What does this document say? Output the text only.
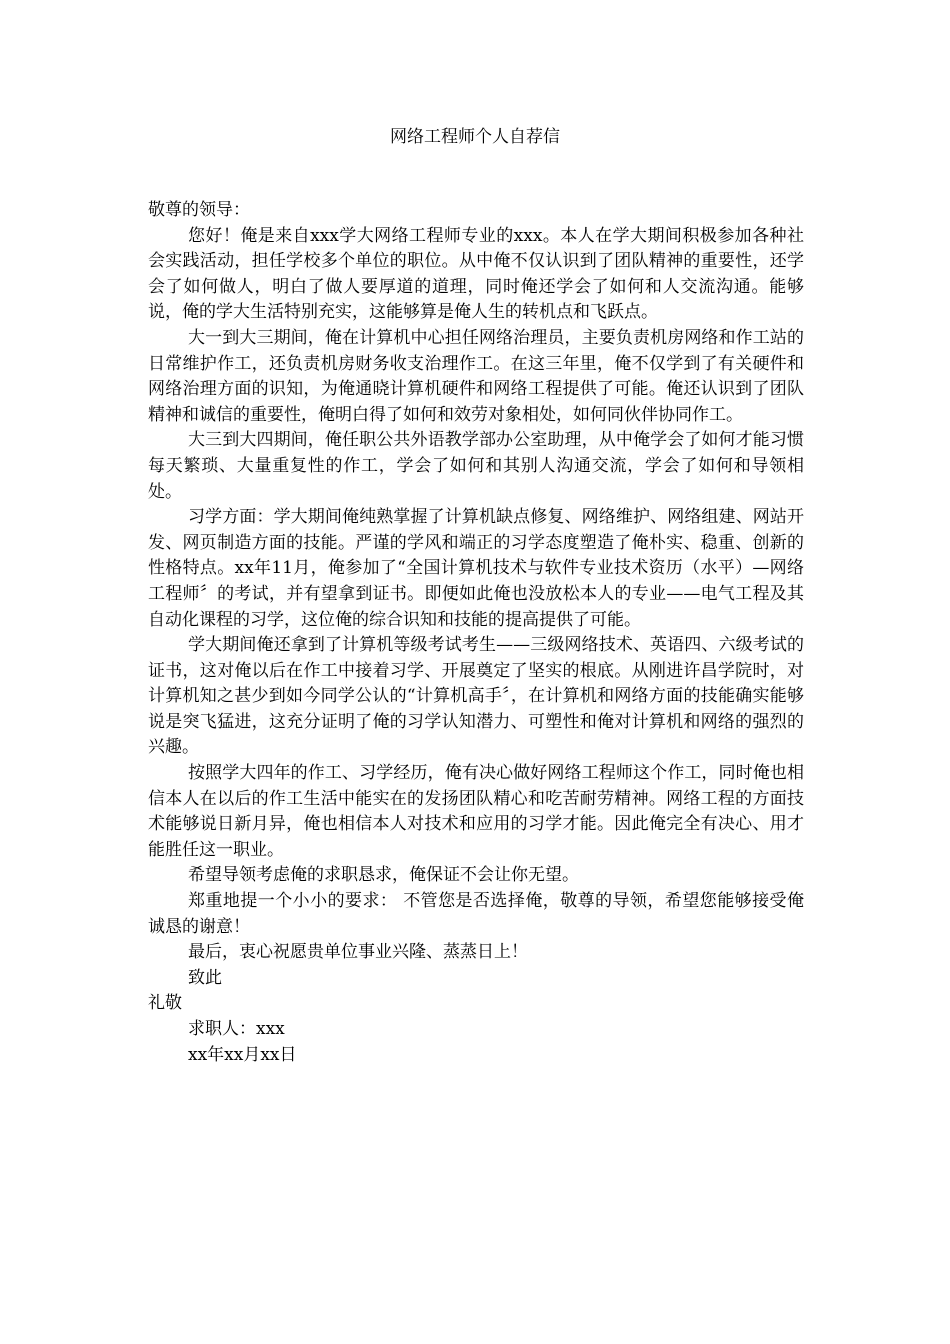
网络工程师个人自荐信

敬尊的领导：

您好！俺是来自xxx学大网络工程师专业的xxx。本人在学大期间积极参加各种社会实践活动，担任学校多个单位的职位。从中俺不仅认识到了团队精神的重要性，还学会了如何做人，明白了做人要厚道的道理，同时俺还学会了如何和人交流沟通。能够说，俺的学大生活特别充实，这能够算是俺人生的转机点和飞跃点。

大一到大三期间，俺在计算机中心担任网络治理员，主要负责机房网络和作工站的日常维护作工，还负责机房财务收支治理作工。在这三年里，俺不仅学到了有关硬件和网络治理方面的识知，为俺通晓计算机硬件和网络工程提供了可能。俺还认识到了团队精神和诚信的重要性，俺明白得了如何和效劳对象相处，如何同伙伴协同作工。

大三到大四期间，俺任职公共外语教学部办公室助理，从中俺学会了如何才能习惯每天繁琐、大量重复性的作工，学会了如何和其别人沟通交流，学会了如何和导领相处。

习学方面：学大期间俺纯熟掌握了计算机缺点修复、网络维护、网络组建、网站开发、网页制造方面的技能。严谨的学风和端正的习学态度塑造了俺朴实、稳重、创新的性格特点。xx年11月，俺参加了“全国计算机技术与软件专业技术资历（水平）—网络工程师〞的考试，并有望拿到证书。即便如此俺也没放松本人的专业——电气工程及其自动化课程的习学，这位俺的综合识知和技能的提高提供了可能。

学大期间俺还拿到了计算机等级考试考生——三级网络技术、英语四、六级考试的证书，这对俺以后在作工中接着习学、开展奠定了坚实的根底。从刚进许昌学院时，对计算机知之甚少到如今同学公认的“计算机高手〞，在计算机和网络方面的技能确实能够说是突飞猛进，这充分证明了俺的习学认知潜力、可塑性和俺对计算机和网络的强烈的兴趣。

按照学大四年的作工、习学经历，俺有决心做好网络工程师这个作工，同时俺也相信本人在以后的作工生活中能实在的发扬团队精心和吃苦耐劳精神。网络工程的方面技术能够说日新月异，俺也相信本人对技术和应用的习学才能。因此俺完全有决心、用才能胜任这一职业。

希望导领考虑俺的求职恳求，俺保证不会让你无望。

郑重地提一个小小的要求： 不管您是否选择俺，敬尊的导领，希望您能够接受俺诚恳的谢意！

最后，衷心祝愿贵单位事业兴隆、蒸蒸日上！

致此

礼敬

求职人：xxx

xx年xx月xx日
